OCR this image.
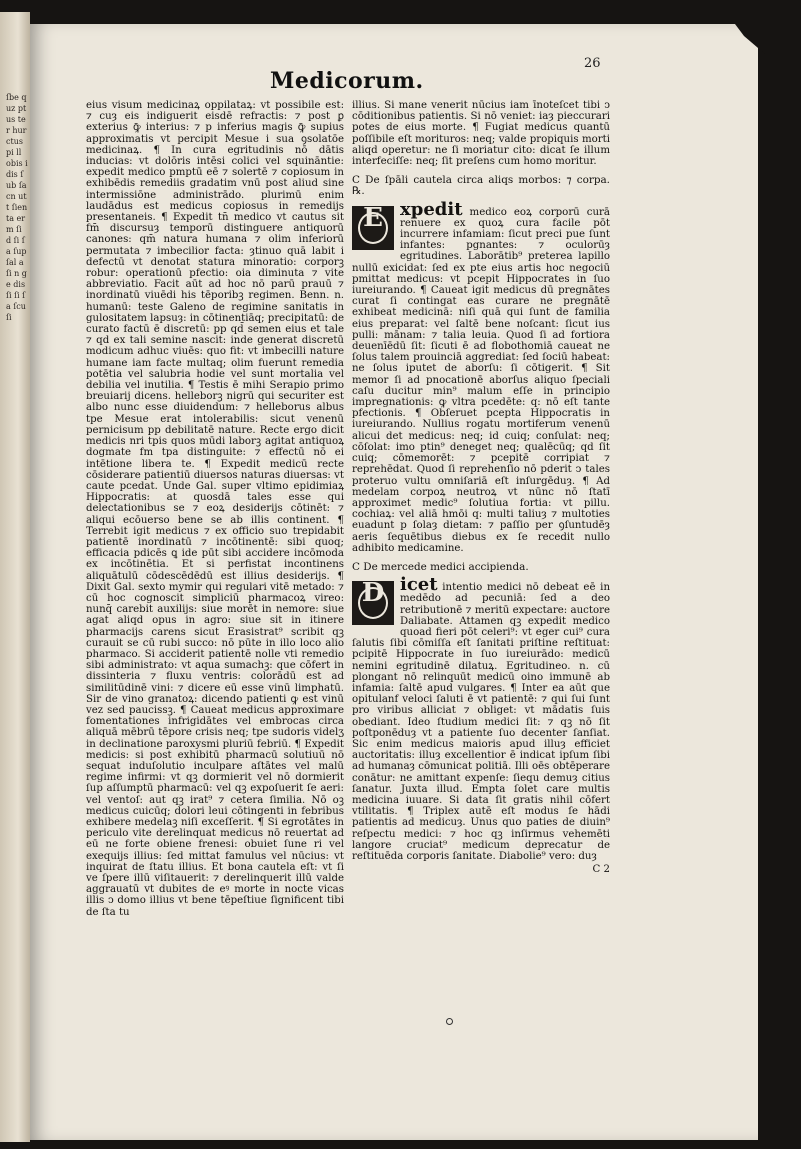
ſbe quz ptus ter hur ctus pi ll obis idis ſub ſacn ut t ſien ta er m ſi d ſi ſa ſup ſal a ſi n ge dis ſi ſi ſa ſcu ſi
Medicorum.
26

eius visum medicinaꝝ oppilataꝝ: vt possibile est: ⁊ cuȝ eis indiguerit eisdē refractis: ⁊ post ꝑ exterius ꝙ̄ interius: ⁊ p inferius magis ꝙ̄ supius approximatis vt percipit Mesue i sua ꝯsolatōe medicinaꝝ. ¶ In cura egritudinis nō dātis inducias: vt dolōris intēsi colici vel squināntie: expedit medico pmptū eē ⁊ solertē ⁊ copiosum in exhibēdis remediis gradatim vnū post aliud sine intermissiōne administrādo. plurimū enim laudādus est medicus copiosus in remedijs presentaneis. ¶ Expedit tn̄ medico vt cautus sit fm̄ discursuȝ temporū distinguere antiquorū canones: qm̄ natura humana ⁊ olim inferiorū permutata ⁊ imbecilior facta: ȝtinuo quā labit i defectū vt denotat statura minoratio: corporꝫ robur: operationū pfectio: oia diminuta ⁊ vite abbreviatio. Facit aūt ad hoc nō parū prauū ⁊ inordinatū viuēdi his tēporibꝫ regimen. Benn. n. humanū: teste Galeno de regimine sanitatis in gulositatem lapsuȝ: in cōtinentiāq; precipitatū: de curato factū ē discretū: pp qd̄ semen eius et tale ⁊ qd ex tali semine nascit: inde generat discretū modicum adhuc viuēs: quo fit: vt imbecilli nature humane iam facte multaq; olim fuerunt remedia potētia vel salubria hodie vel sunt mortalia vel debilia vel inutilia. ¶ Testis ē mihi Serapio primo breuiarij dicens. helleborꝫ nigrū qui securiter est albo nunc esse diuidendum: ⁊ helleborus albus tpe Mesue erat intolerabilis: sicut venenū pernicisum pp debilitatē nature. Recte ergo dicit medicis nri tpis quos mūdi laborꝫ agitat antiquoꝝ dogmate fm tpa distinguite: ⁊ effectū nō ei intētione libera te. ¶ Expedit medicū recte cōsiderare patientiū diuersos naturas diuersas: vt caute pcedat. Unde Gal. super vltimo epidimiaꝝ Hippocratis: at quosdā tales esse qui delectationibus se ⁊ eoꝝ desiderijs cōtinēt: ⁊ aliqui ecōuerso bene se ab illis continent. ¶ Terrebit igit medicus ⁊ ex officio suo trepidabit patientē inordinatū ⁊ incōtinentē: sibi quoq; efficacia pdicēs ꝗ ide pūt sibi accidere incōmoda ex incōtinētia. Et si perfistat incontinens aliquātulū cōdescēdēdū est illius desiderijs. ¶ Dixit Gal. sexto mymir qui regulari vitē metado: ⁊ cū hoc cognoscit simpliciū pharmacoꝝ vireo: nunq̄ carebit auxilijs: siue morēt in nemore: siue agat aliqd opus in agro: siue sit in itinere pharmacijs carens sicut Erasistrat⁹ scribit qꝫ curauit se cū rubi succo: nō pūte in illo loco alio pharmaco. Si acciderit patientē nolle vti remedio sibi administrato: vt aqua sumachꝫ: que cōfert in dissinteria ⁊ fluxu ventris: colorādū est ad similitūdinē vini: ⁊ dicere eū esse vinū limphatū. Sir de vino granatoꝝ: dicendo patienti ꝙ est vinū vez sed paucissꝫ. ¶ Caueat medicus approximare fomentationes infrigidātes vel embrocas circa aliquā mēbrū tēpore crisis neq; tpe sudoris videlʒ in declinatione paroxysmi pluriū febriū. ¶ Expedit medicis: si post exhibitū pharmacū solutiuū nō sequat induſolutio inculpare aſtātes vel malū regime infirmi: vt qꝫ dormierit vel nō dormierit ſup aſſumptū pharmacū: vel qꝫ expoſuerit ſe aeri: vel ventoſ: aut qꝫ irat⁹ ⁊ cetera ſimilia. Nō oꝫ medicus cuicūq; dolori leui cōtingenti in febribus exhibere medelaꝫ niſi exceſſerit. ¶ Si egrotātes in periculo vite derelinquat medicus nō reuertat ad eū ne forte obiene frenesi: obuiet ſune ri vel exequijs illius: ſed mittat famulus vel nūcius: vt inquirat de ſtatu illius. Et bona cautela eſt: vt ſi ve ſpere illū viſitauerit: ⁊ derelinquerit illū valde aggrauatū vt dubites de eꝰ morte in nocte vicas illis ↄ domo illius vt bene tēpeſtiue ſignificent tibi de ſta tu

illius. Si mane venerit nūcius iam īnoteſcet tibi ↄ cōditionibus patientis. Si nō veniet: iaȝ pieccurari potes de eius morte. ¶ Fugiat medicus quantū poſſibile eſt morituros: neq; valde propiquis morti aliqd operetur: ne ſi moriatur cito: dicat ſe illum interfeciſſe: neq; ſit preſens cum homo moritur.

C De ſpāli cautela circa aliqs morbos: ⁊ corpa. ℞.

E xpedit medico eoꝝ corporū curā renuere ex quoꝝ cura facile pōt incurrere infamiam: ſicut preci pue ſunt infantes: pgnantes: ⁊ oculorūȝ egritudines. Laborātib⁹ preterea lapillo nullū exicidat: ſed ex pte eius artis hoc negociū pmittat medicus: vt pcepit Hippocrates in ſuo iureiurando. ¶ Caueat igit medicus dū pregnātes curat ſi contingat eas curare ne pregnātē exhibeat medicinā: niſi quā qui ſunt de familia eius preparat: vel ſaltē bene noſcant: ſicut ius pulli: mānam: ⁊ talia leuia. Quod ſi ad fortiora deuenīēdū ſit: ſicuti ē ad flobothomiā caueat ne ſolus talem prouinciā aggrediat: ſed ſociū habeat: ne ſolus iputet de aborſu: ſi cōtigerit. ¶ Sit memor ſi ad pnocationē aborſus aliquo ſpeciali caſu ducitur min⁹ malum eſſe in principio impregnationis: ꝙ vltra pcedēte: q: nō eſt tante pfectionis. ¶ Obſeruet pcepta Hippocratis in iureiurando. Nullius rogatu mortiferum venenū alicui det medicus: neq; id cuiq; conſulat: neq; cōſolat: imo ptin⁹ deneget neq; qualēcūq; qd ſit cuiq; cōmemorēt: ⁊ pcepitē corripiat ⁊ reprehēdat. Quod ſi reprehenſio nō pderit ↄ tales proteruo vultu omniſariā eſt inſurgēduȝ. ¶ Ad medelam corpoꝝ neutroꝝ vt nūnc nō ſtatī approximet medic⁹ ſolutiua fortia: vt pillu. cochiaꝝ: vel aliā hmōi q: multi taliuȝ ⁊ multoties euadunt p ſolaȝ dietam: ⁊ paſſio per ꝯſuntudēȝ aeris ſequētibus diebus ex ſe recedit nullo adhibito medicamine.

C De mercede medici accipienda.

D icet intentio medici nō debeat eē in medēdo ad pecuniā: ſed a deo retributionē ⁊ meritū expectare: auctore Daliabate. Attamen qꝫ expedit medico quoad fieri pōt celeri⁹: vt eger cui⁹ cura ſalutis ſibi cōmiſſa eſt ſanitati priſtine reſtituat: pcipitē Hippocrate in ſuo iureiurādo: medicū nemini egritudinē dilatuꝝ. Egritudineo. n. cū plongant nō relinquūt medicū oino immunē ab infamia: ſaltē apud vulgares. ¶ Inter ea aūt que opitulanf veloci ſaluti ē vt patientē: ⁊ qui ſui ſunt pro viribus alliciat ⁊ obliget: vt mādatis ſuis obediant. Ideo ſtudium medici ſit: ⁊ qꝫ nō ſit poſtponēduȝ vt a patiente ſuo decenter ſanſiat. Sic enim medicus maioris apud illuȝ efficiet auctoritatis: illuȝ excellentior ē indicat ipſum ſibi ad humanaȝ cōmunicat politiā. Illi oēs obtēperare conātur: ne amittant expenſe: ſiequ demuȝ citius ſanatur. Juxta illud. Empta ſolet care multis medicina iuuare. Si data ſit gratis nihil cōfert vtilitatis. ¶ Triplex autē eſt modus ſe hādi patientis ad medicuȝ. Unus quo paties de diuin⁹ reſpectu medici: ⁊ hoc qꝫ inſirmus vehemēti langore cruciat⁹ medicum deprecatur de reſtituēda corporis ſanitate. Diabolie⁹ vero: duȝ

C 2
